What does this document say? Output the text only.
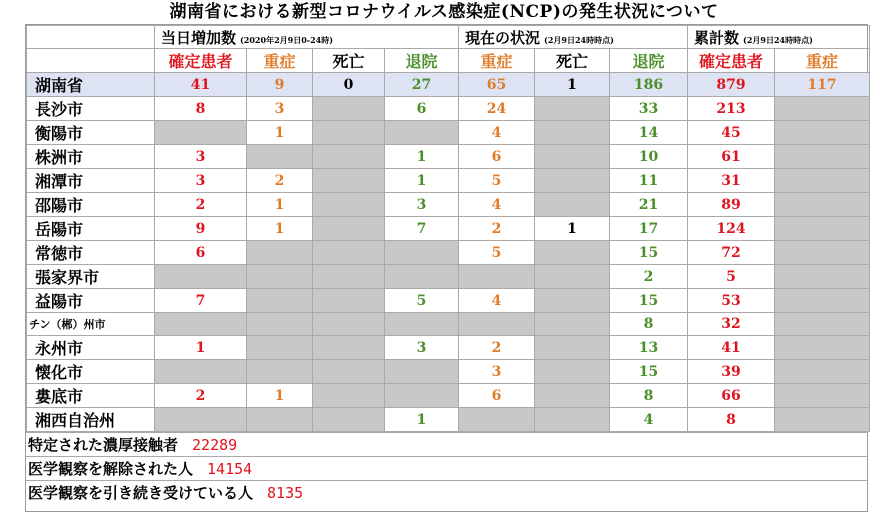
湖南省における新型コロナウイルス感染症(NCP)の発生状況について
	当日増加数 (2020年2月9日0-24時)				現在の状況 (2月9日24時時点)			累計数 (2月9日24時時点)	
	確定患者	重症	死亡	退院	重症	死亡	退院	確定患者	重症
湖南省	41	9	0	27	65	1	186	879	117
長沙市	8	3		6	24		33	213	
衡陽市		1			4		14	45	
株洲市	3			1	6		10	61	
湘潭市	3	2		1	5		11	31	
邵陽市	2	1		3	4		21	89	
岳陽市	9	1		7	2	1	17	124	
常徳市	6				5		15	72	
張家界市							2	5	
益陽市	7			5	4		15	53	
チン（郴）州市							8	32	
永州市	1			3	2		13	41	
懐化市					3		15	39	
婁底市	2	1			6		8	66	
湘西自治州				1			4	8	
特定された濃厚接触者 22289
医学観察を解除された人 14154
医学観察を引き続き受けている人 8135
